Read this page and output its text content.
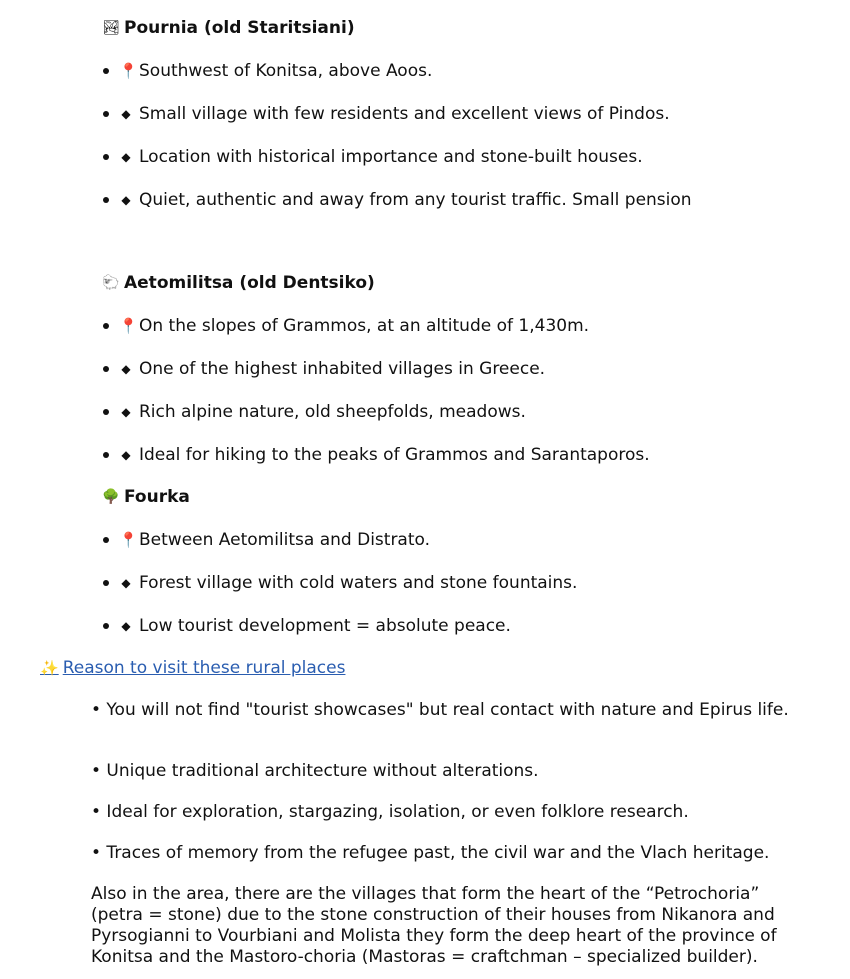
🏞 Pournia (old Staritsiani)
📍 Southwest of Konitsa, above Aoos.
◆ Small village with few residents and excellent views of Pindos.
◆ Location with historical importance and stone-built houses.
◆ Quiet, authentic and away from any tourist traffic. Small pension
🐑 Aetomilitsa (old Dentsiko)
📍 On the slopes of Grammos, at an altitude of 1,430m.
◆ One of the highest inhabited villages in Greece.
◆ Rich alpine nature, old sheepfolds, meadows.
◆ Ideal for hiking to the peaks of Grammos and Sarantaporos.
🌳 Fourka
📍 Between Aetomilitsa and Distrato.
◆ Forest village with cold waters and stone fountains.
◆ Low tourist development = absolute peace.
✨ Reason to visit these rural places
• You will not find "tourist showcases" but real contact with nature and Epirus life.
• Unique traditional architecture without alterations.
• Ideal for exploration, stargazing, isolation, or even folklore research.
• Traces of memory from the refugee past, the civil war and the Vlach heritage.
Also in the area, there are the villages that form the heart of the “Petrochoria” (petra = stone) due to the stone construction of their houses from Nikanora and Pyrsogianni to Vourbiani and Molista they form the deep heart of the province of Konitsa and the Mastoro-choria (Mastoras = craftchman – specialized builder).
